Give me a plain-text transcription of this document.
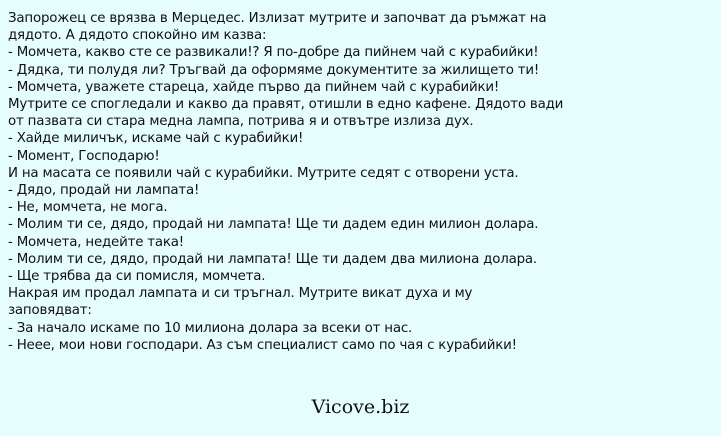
Запорожец се врязва в Мерцедес. Излизат мутрите и започват да ръмжат на
дядото. А дядото спокойно им казва:
- Момчета, какво сте се развикали!? Я по-добре да пийнем чай с курабийки!
- Дядка, ти полудя ли? Тръгвай да оформяме документите за жилището ти!
- Момчета, уважете стареца, хайде първо да пийнем чай с курабийки!
Мутрите се спогледали и какво да правят, отишли в едно кафене. Дядото вади
от пазвата си стара медна лампа, потрива я и отвътре излиза дух.
- Хайде миличък, искаме чай с курабийки!
- Момент, Господарю!
И на масата се появили чай с курабийки. Мутрите седят с отворени уста.
- Дядо, продай ни лампата!
- Не, момчета, не мога.
- Молим ти се, дядо, продай ни лампата! Ще ти дадем един милион долара.
- Момчета, недейте така!
- Молим ти се, дядо, продай ни лампата! Ще ти дадем два милиона долара.
- Ще трябва да си помисля, момчета.
Накрая им продал лампата и си тръгнал. Мутрите викат духа и му
заповядват:
- За начало искаме по 10 милиона долара за всеки от нас.
- Неее, мои нови господари. Аз съм специалист само по чая с курабийки!
Vicove.biz
